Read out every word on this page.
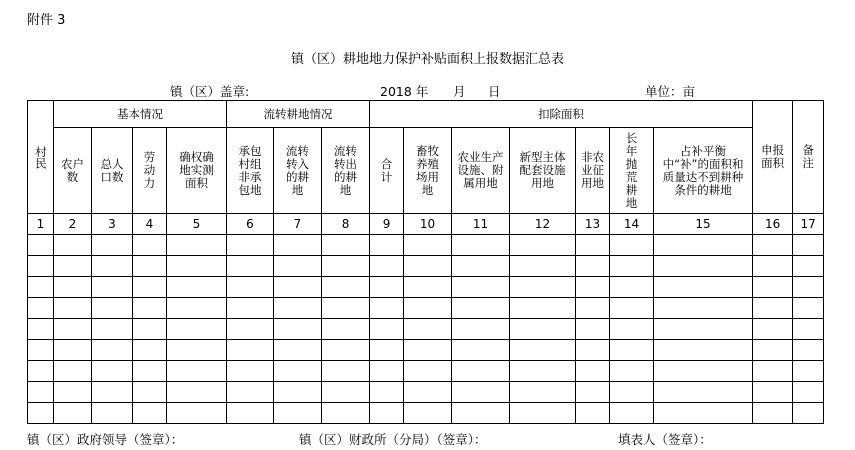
附件 3
镇（区）耕地地力保护补贴面积上报数据汇总表
镇（区）盖章:	2018 年 月 日	单位：亩
村民	基本情况				流转耕地情况			扣除面积							申报面积	备注
	农户数	总人口数	劳动力	确权确地实测面积	承包村组非承包地	流转转入的耕地	流转转出的耕地	合计	畜牧养殖场用地	农业生产设施、附属用地	新型主体配套设施用地	非农业征用地	长年抛荒耕地	占补平衡中“补”的面积和质量达不到耕种条件的耕地		
1	2	3	4	5	6	7	8	9	10	11	12	13	14	15	16	17

镇（区）政府领导（签章）：	镇（区）财政所（分局）（签章）：	填表人（签章）：
